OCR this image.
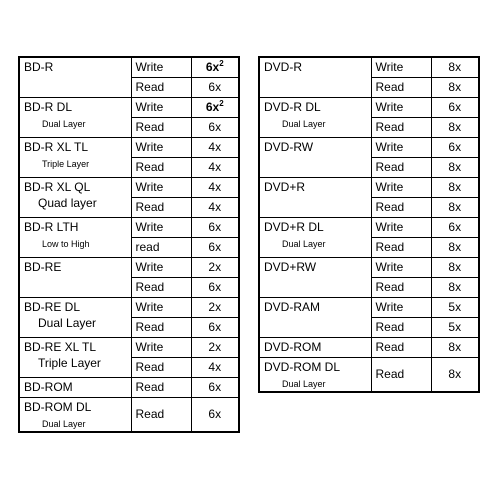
BD-R	Write	$6x^2$
	Read	6x

BD-R DL
Dual Layer	Write	$6x^2$
	Read	6x

BD-R XL TL
Triple Layer	Write	4x
	Read	4x

BD-R XL QL
Quad layer	Write	4x
	Read	4x

BD-R LTH
Low to High	Write	6x
	read	6x

BD-RE	Write	2x
	Read	6x

BD-RE DL
Dual Layer	Write	2x
	Read	6x

BD-RE XL TL
Triple Layer	Write	2x
	Read	4x

BD-ROM	Read	6x

BD-ROM DL
Dual Layer	Read	6x

DVD-R	Write	8x
	Read	8x

DVD-R DL
Dual Layer	Write	6x
	Read	8x

DVD-RW	Write	6x
	Read	8x

DVD+R	Write	8x
	Read	8x

DVD+R DL
Dual Layer	Write	6x
	Read	8x

DVD+RW	Write	8x
	Read	8x

DVD-RAM	Write	5x
	Read	5x

DVD-ROM	Read	8x

DVD-ROM DL
Dual Layer	Read	8x
